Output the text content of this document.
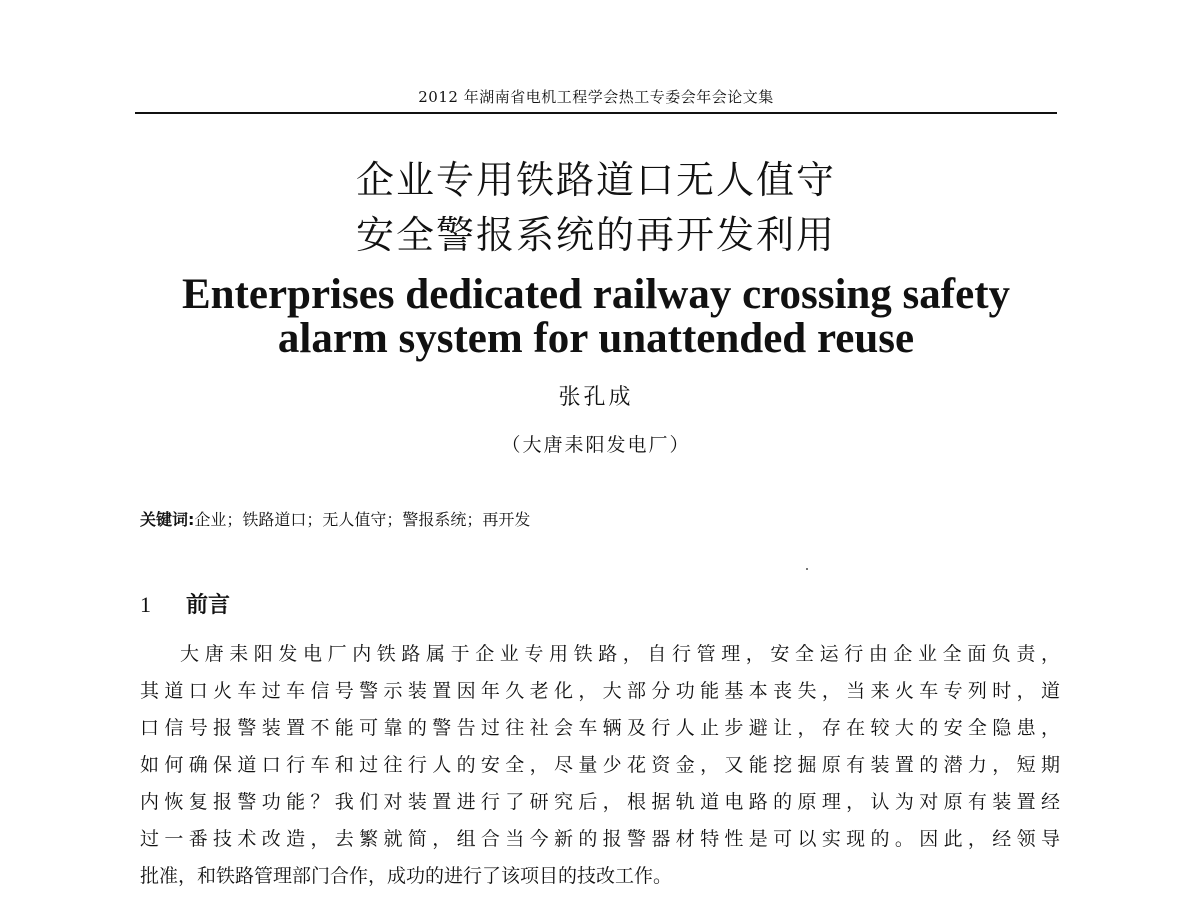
2012 年湖南省电机工程学会热工专委会年会论文集
企业专用铁路道口无人值守
安全警报系统的再开发利用
Enterprises dedicated railway crossing safety
alarm system for unattended reuse
张孔成
（大唐耒阳发电厂）
关键词:企业；铁路道口；无人值守；警报系统；再开发
1 前言
大唐耒阳发电厂内铁路属于企业专用铁路，自行管理，安全运行由企业全面负责，
其道口火车过车信号警示装置因年久老化，大部分功能基本丧失，当来火车专列时，道
口信号报警装置不能可靠的警告过往社会车辆及行人止步避让，存在较大的安全隐患，
如何确保道口行车和过往行人的安全，尽量少花资金，又能挖掘原有装置的潜力，短期
内恢复报警功能？我们对装置进行了研究后，根据轨道电路的原理，认为对原有装置经
过一番技术改造，去繁就简，组合当今新的报警器材特性是可以实现的。因此，经领导
批准，和铁路管理部门合作，成功的进行了该项目的技改工作。
